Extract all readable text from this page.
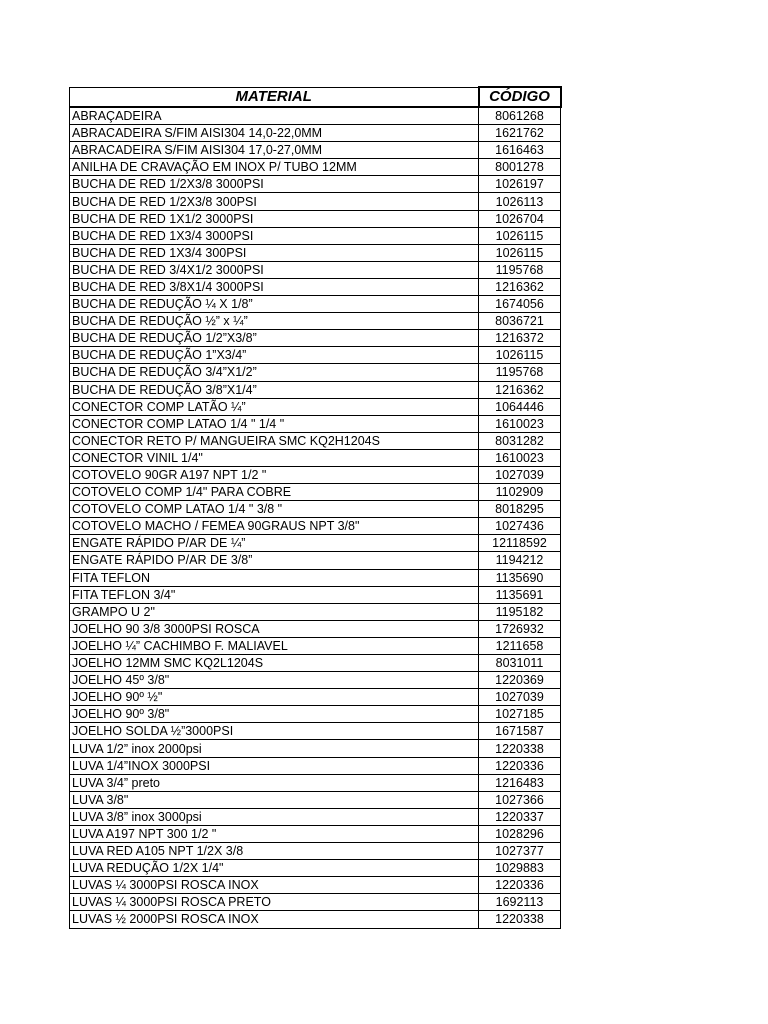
MATERIAL	CÓDIGO
ABRAÇADEIRA	8061268
ABRACADEIRA S/FIM AISI304 14,0-22,0MM	1621762
ABRACADEIRA S/FIM AISI304 17,0-27,0MM	1616463
ANILHA DE CRAVAÇÃO EM INOX P/ TUBO 12MM	8001278
BUCHA DE RED 1/2X3/8 3000PSI	1026197
BUCHA DE RED 1/2X3/8 300PSI	1026113
BUCHA DE RED 1X1/2 3000PSI	1026704
BUCHA DE RED 1X3/4 3000PSI	1026115
BUCHA DE RED 1X3/4 300PSI	1026115
BUCHA DE RED 3/4X1/2 3000PSI	1195768
BUCHA DE RED 3/8X1/4 3000PSI	1216362
BUCHA DE REDUÇÃO ¼ X 1/8”	1674056
BUCHA DE REDUÇÃO ½” x ¼”	8036721
BUCHA DE REDUÇÃO 1/2”X3/8”	1216372
BUCHA DE REDUÇÃO 1”X3/4”	1026115
BUCHA DE REDUÇÃO 3/4”X1/2”	1195768
BUCHA DE REDUÇÃO 3/8”X1/4”	1216362
CONECTOR COMP LATÃO ¼”	1064446
CONECTOR COMP LATAO 1/4 " 1/4 "	1610023
CONECTOR RETO P/ MANGUEIRA SMC KQ2H1204S	8031282
CONECTOR VINIL 1/4"	1610023
COTOVELO 90GR A197 NPT 1/2 "	1027039
COTOVELO COMP 1/4" PARA COBRE	1102909
COTOVELO COMP LATAO 1/4 " 3/8 "	8018295
COTOVELO MACHO / FEMEA 90GRAUS NPT 3/8"	1027436
ENGATE RÁPIDO P/AR DE ¼”	12118592
ENGATE RÁPIDO P/AR DE 3/8”	1194212
FITA TEFLON	1135690
FITA TEFLON 3/4"	1135691
GRAMPO U 2"	1195182
JOELHO 90 3/8 3000PSI ROSCA	1726932
JOELHO ¼” CACHIMBO F. MALIAVEL	1211658
JOELHO 12MM SMC KQ2L1204S	8031011
JOELHO 45º 3/8"	1220369
JOELHO 90º ½"	1027039
JOELHO 90º 3/8"	1027185
JOELHO SOLDA ½”3000PSI	1671587
LUVA 1/2” inox 2000psi	1220338
LUVA 1/4”INOX 3000PSI	1220336
LUVA 3/4” preto	1216483
LUVA 3/8"	1027366
LUVA 3/8” inox 3000psi	1220337
LUVA A197 NPT 300 1/2 "	1028296
LUVA RED A105 NPT 1/2X 3/8	1027377
LUVA REDUÇÃO 1/2X 1/4"	1029883
LUVAS ¼ 3000PSI ROSCA INOX	1220336
LUVAS ¼ 3000PSI ROSCA PRETO	1692113
LUVAS ½ 2000PSI ROSCA INOX	1220338
